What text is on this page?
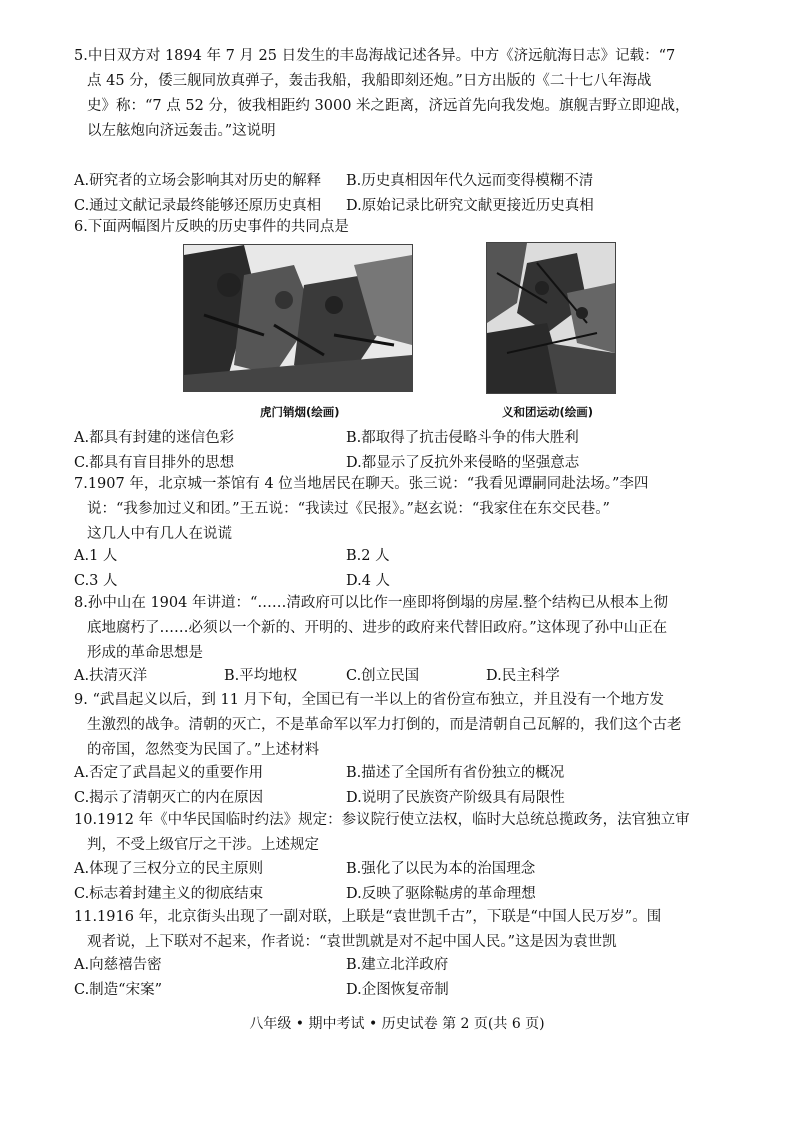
5.中日双方对 1894 年 7 月 25 日发生的丰岛海战记述各异。中方《济远航海日志》记载：“7

点 45 分，倭三舰同放真弹子，轰击我船，我船即刻还炮。”日方出版的《二十七八年海战

史》称：“7 点 52 分，彼我相距约 3000 米之距离，济远首先向我发炮。旗舰吉野立即迎战，

以左舷炮向济远轰击。”这说明

A.研究者的立场会影响其对历史的解释 B.历史真相因年代久远而变得模糊不清
C.通过文献记录最终能够还原历史真相 D.原始记录比研究文献更接近历史真相

6.下面两幅图片反映的历史事件的共同点是

虎门销烟(绘画)	义和团运动(绘画)
A.都具有封建的迷信色彩	B.都取得了抗击侵略斗争的伟大胜利
C.都具有盲目排外的思想	D.都显示了反抗外来侵略的坚强意志

7.1907 年，北京城一茶馆有 4 位当地居民在聊天。张三说：“我看见谭嗣同赴法场。”李四

说：“我参加过义和团。”王五说：“我读过《民报》。”赵玄说：“我家住在东交民巷。”

这几人中有几人在说谎

A.1 人	B.2 人
C.3 人	D.4 人

8.孙中山在 1904 年讲道：“……清政府可以比作一座即将倒塌的房屋.整个结构已从根本上彻

底地腐朽了……必须以一个新的、开明的、进步的政府来代替旧政府。”这体现了孙中山正在

形成的革命思想是

A.扶清灭洋	B.平均地权	C.创立民国	D.民主科学

9. “武昌起义以后，到 11 月下旬，全国已有一半以上的省份宣布独立，并且没有一个地方发

生激烈的战争。清朝的灭亡，不是革命军以军力打倒的，而是清朝自己瓦解的，我们这个古老

的帝国，忽然变为民国了。”上述材料

A.否定了武昌起义的重要作用	B.描述了全国所有省份独立的概况
C.揭示了清朝灭亡的内在原因	D.说明了民族资产阶级具有局限性

10.1912 年《中华民国临时约法》规定：参议院行使立法权，临时大总统总揽政务，法官独立审

判，不受上级官厅之干涉。上述规定

A.体现了三权分立的民主原则	B.强化了以民为本的治国理念
C.标志着封建主义的彻底结束	D.反映了驱除鞑虏的革命理想

11.1916 年，北京街头出现了一副对联，上联是“袁世凯千古”，下联是“中国人民万岁”。围

观者说，上下联对不起来，作者说：“袁世凯就是对不起中国人民。”这是因为袁世凯

A.向慈禧告密	B.建立北洋政府
C.制造“宋案”	D.企图恢复帝制
八年级 • 期中考试 • 历史试卷 第 2 页(共 6 页)
